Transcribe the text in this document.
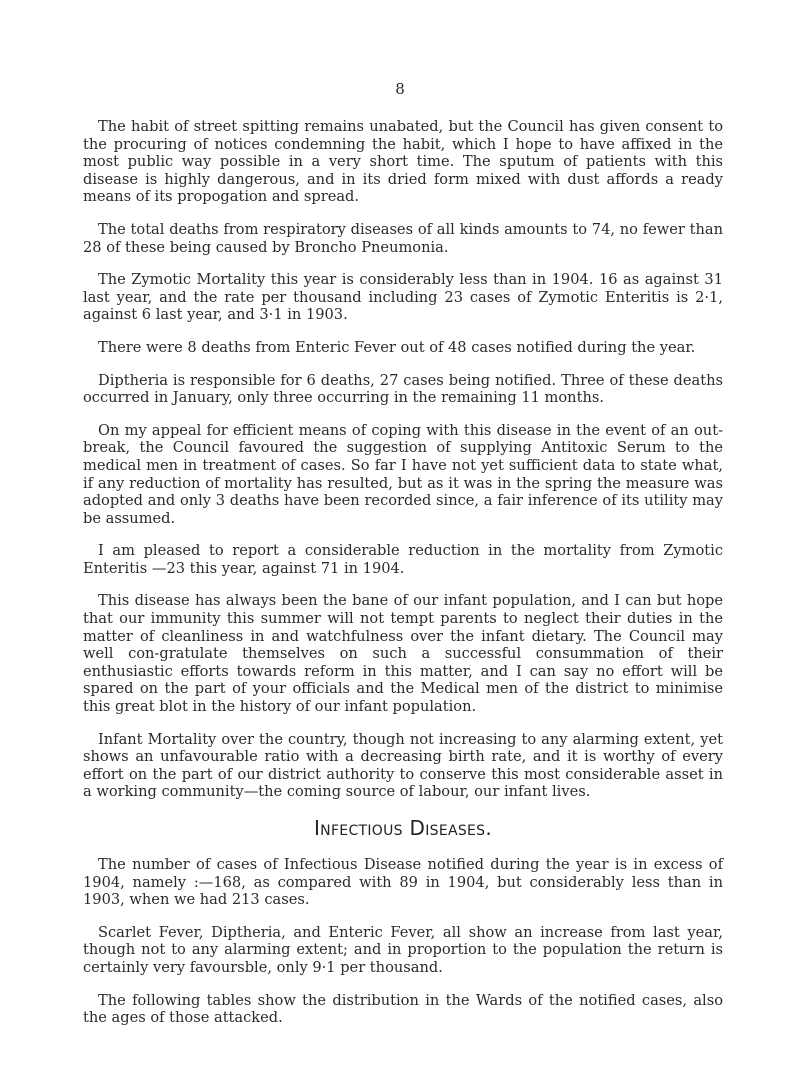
8

The habit of street spitting remains unabated, but the Council has given consent to the procuring of notices condemning the habit, which I hope to have affixed in the most public way possible in a very short time. The sputum of patients with this disease is highly dangerous, and in its dried form mixed with dust affords a ready means of its propogation and spread.

The total deaths from respiratory diseases of all kinds amounts to 74, no fewer than 28 of these being caused by Broncho Pneumonia.

The Zymotic Mortality this year is considerably less than in 1904. 16 as against 31 last year, and the rate per thousand including 23 cases of Zymotic Enteritis is 2·1, against 6 last year, and 3·1 in 1903.

There were 8 deaths from Enteric Fever out of 48 cases notified during the year.

Diptheria is responsible for 6 deaths, 27 cases being notified. Three of these deaths occurred in January, only three occurring in the remaining 11 months.

On my appeal for efficient means of coping with this disease in the event of an out-break, the Council favoured the suggestion of supplying Antitoxic Serum to the medical men in treatment of cases. So far I have not yet sufficient data to state what, if any reduction of mortality has resulted, but as it was in the spring the measure was adopted and only 3 deaths have been recorded since, a fair inference of its utility may be assumed.

I am pleased to report a considerable reduction in the mortality from Zymotic Enteritis —23 this year, against 71 in 1904.

This disease has always been the bane of our infant population, and I can but hope that our immunity this summer will not tempt parents to neglect their duties in the matter of cleanliness in and watchfulness over the infant dietary. The Council may well con-gratulate themselves on such a successful consummation of their enthusiastic efforts towards reform in this matter, and I can say no effort will be spared on the part of your officials and the Medical men of the district to minimise this great blot in the history of our infant population.

Infant Mortality over the country, though not increasing to any alarming extent, yet shows an unfavourable ratio with a decreasing birth rate, and it is worthy of every effort on the part of our district authority to conserve this most considerable asset in a working community—the coming source of labour, our infant lives.

Infectious Diseases.

The number of cases of Infectious Disease notified during the year is in excess of 1904, namely :—168, as compared with 89 in 1904, but considerably less than in 1903, when we had 213 cases.

Scarlet Fever, Diptheria, and Enteric Fever, all show an increase from last year, though not to any alarming extent; and in proportion to the population the return is certainly very favoursble, only 9·1 per thousand.

The following tables show the distribution in the Wards of the notified cases, also the ages of those attacked.
